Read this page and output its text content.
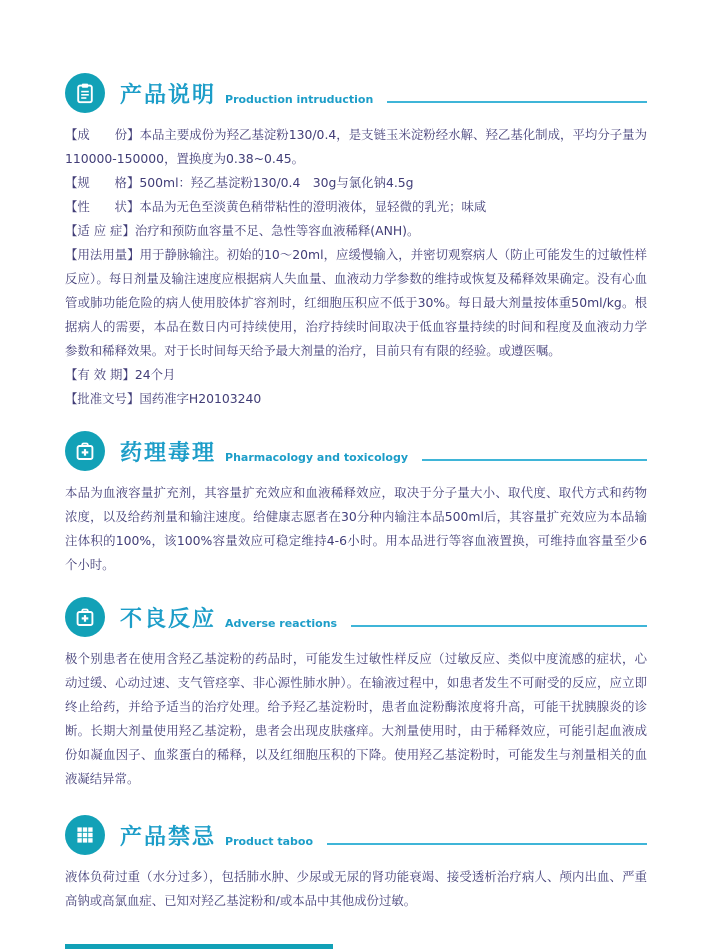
产品说明 Production intruduction

【成　　份】本品主要成份为羟乙基淀粉130/0.4，是支链玉米淀粉经水解、羟乙基化制成，平均分子量为110000-150000，置换度为0.38~0.45。

【规　　格】500ml：羟乙基淀粉130/0.4　30g与氯化钠4.5g

【性　　状】本品为无色至淡黄色稍带粘性的澄明液体，显轻微的乳光；味咸

【适 应 症】治疗和预防血容量不足、急性等容血液稀释(ANH)。

【用法用量】用于静脉输注。初始的10～20ml，应缓慢输入，并密切观察病人（防止可能发生的过敏性样反应）。每日剂量及输注速度应根据病人失血量、血液动力学参数的维持或恢复及稀释效果确定。没有心血管或肺功能危险的病人使用胶体扩容剂时，红细胞压积应不低于30%。每日最大剂量按体重50ml/kg。根据病人的需要，本品在数日内可持续使用，治疗持续时间取决于低血容量持续的时间和程度及血液动力学参数和稀释效果。对于长时间每天给予最大剂量的治疗，目前只有有限的经验。或遵医嘱。

【有 效 期】24个月

【批准文号】国药准字H20103240

药理毒理 Pharmacology and toxicology

本品为血液容量扩充剂，其容量扩充效应和血液稀释效应，取决于分子量大小、取代度、取代方式和药物浓度，以及给药剂量和输注速度。给健康志愿者在30分种内输注本品500ml后，其容量扩充效应为本品输注体积的100%，该100%容量效应可稳定维持4-6小时。用本品进行等容血液置换，可维持血容量至少6个小时。

不良反应 Adverse reactions

极个别患者在使用含羟乙基淀粉的药品时，可能发生过敏性样反应（过敏反应、类似中度流感的症状，心动过缓、心动过速、支气管痉挛、非心源性肺水肿）。在输液过程中，如患者发生不可耐受的反应，应立即终止给药，并给予适当的治疗处理。给予羟乙基淀粉时，患者血淀粉酶浓度将升高，可能干扰胰腺炎的诊断。长期大剂量使用羟乙基淀粉，患者会出现皮肤瘙痒。大剂量使用时，由于稀释效应，可能引起血液成份如凝血因子、血浆蛋白的稀释，以及红细胞压积的下降。使用羟乙基淀粉时，可能发生与剂量相关的血液凝结异常。

产品禁忌 Product taboo

液体负荷过重（水分过多），包括肺水肿、少尿或无尿的肾功能衰竭、接受透析治疗病人、颅内出血、严重高钠或高氯血症、已知对羟乙基淀粉和/或本品中其他成份过敏。
